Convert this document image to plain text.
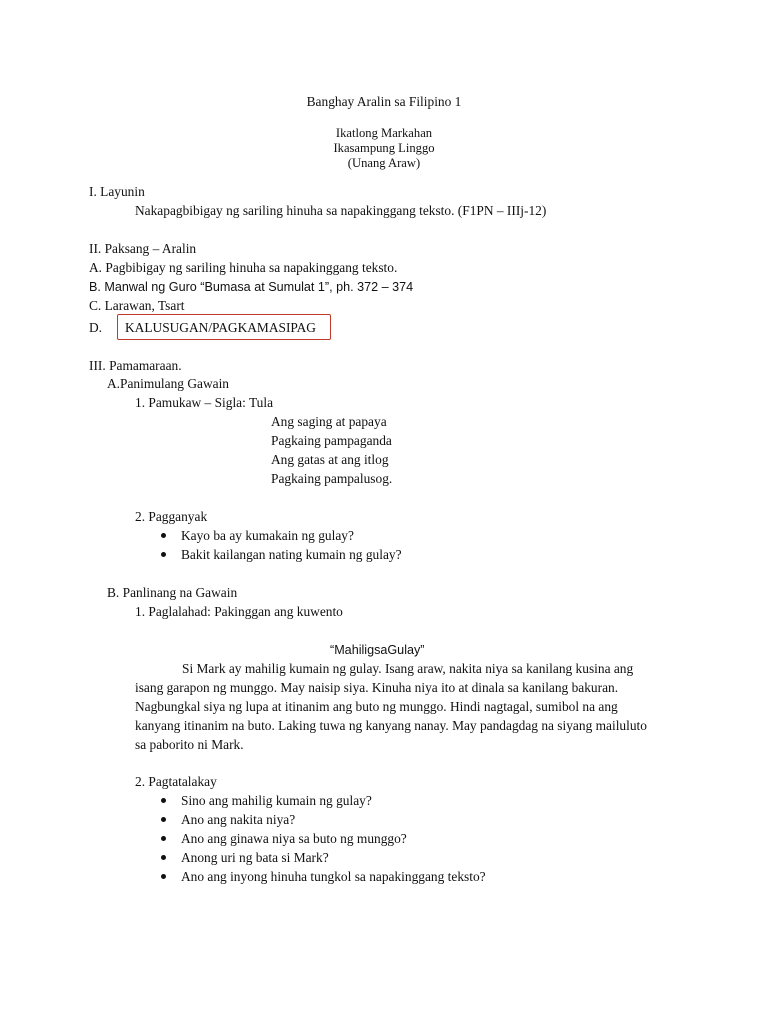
Banghay Aralin sa Filipino 1
Ikatlong Markahan
Ikasampung Linggo
(Unang Araw)
I. Layunin
Nakapagbibigay ng sariling hinuha sa napakinggang teksto. (F1PN – IIIj-12)
II. Paksang – Aralin
A. Pagbibigay ng sariling hinuha sa napakinggang teksto.
B. Manwal ng Guro “Bumasa at Sumulat 1”, ph. 372 – 374
C. Larawan, Tsart
D. KALUSUGAN/PAGKAMASIPAG
III. Pamamaraan.
A.Panimulang Gawain
1. Pamukaw – Sigla: Tula
Ang saging at papaya
Pagkaing pampaganda
Ang gatas at ang itlog
Pagkaing pampalusog.
2. Pagganyak
Kayo ba ay kumakain ng gulay?
Bakit kailangan nating kumain ng gulay?
B. Panlinang na Gawain
1. Paglalahad: Pakinggan ang kuwento
“MahiligsaGulay”
Si Mark ay mahilig kumain ng gulay. Isang araw, nakita niya sa kanilang kusina ang
isang garapon ng munggo. May naisip siya. Kinuha niya ito at dinala sa kanilang bakuran.
Nagbungkal siya ng lupa at itinanim ang buto ng munggo. Hindi nagtagal, sumibol na ang
kanyang itinanim na buto. Laking tuwa ng kanyang nanay. May pandagdag na siyang mailuluto
sa paborito ni Mark.
2. Pagtatalakay
Sino ang mahilig kumain ng gulay?
Ano ang nakita niya?
Ano ang ginawa niya sa buto ng munggo?
Anong uri ng bata si Mark?
Ano ang inyong hinuha tungkol sa napakinggang teksto?
